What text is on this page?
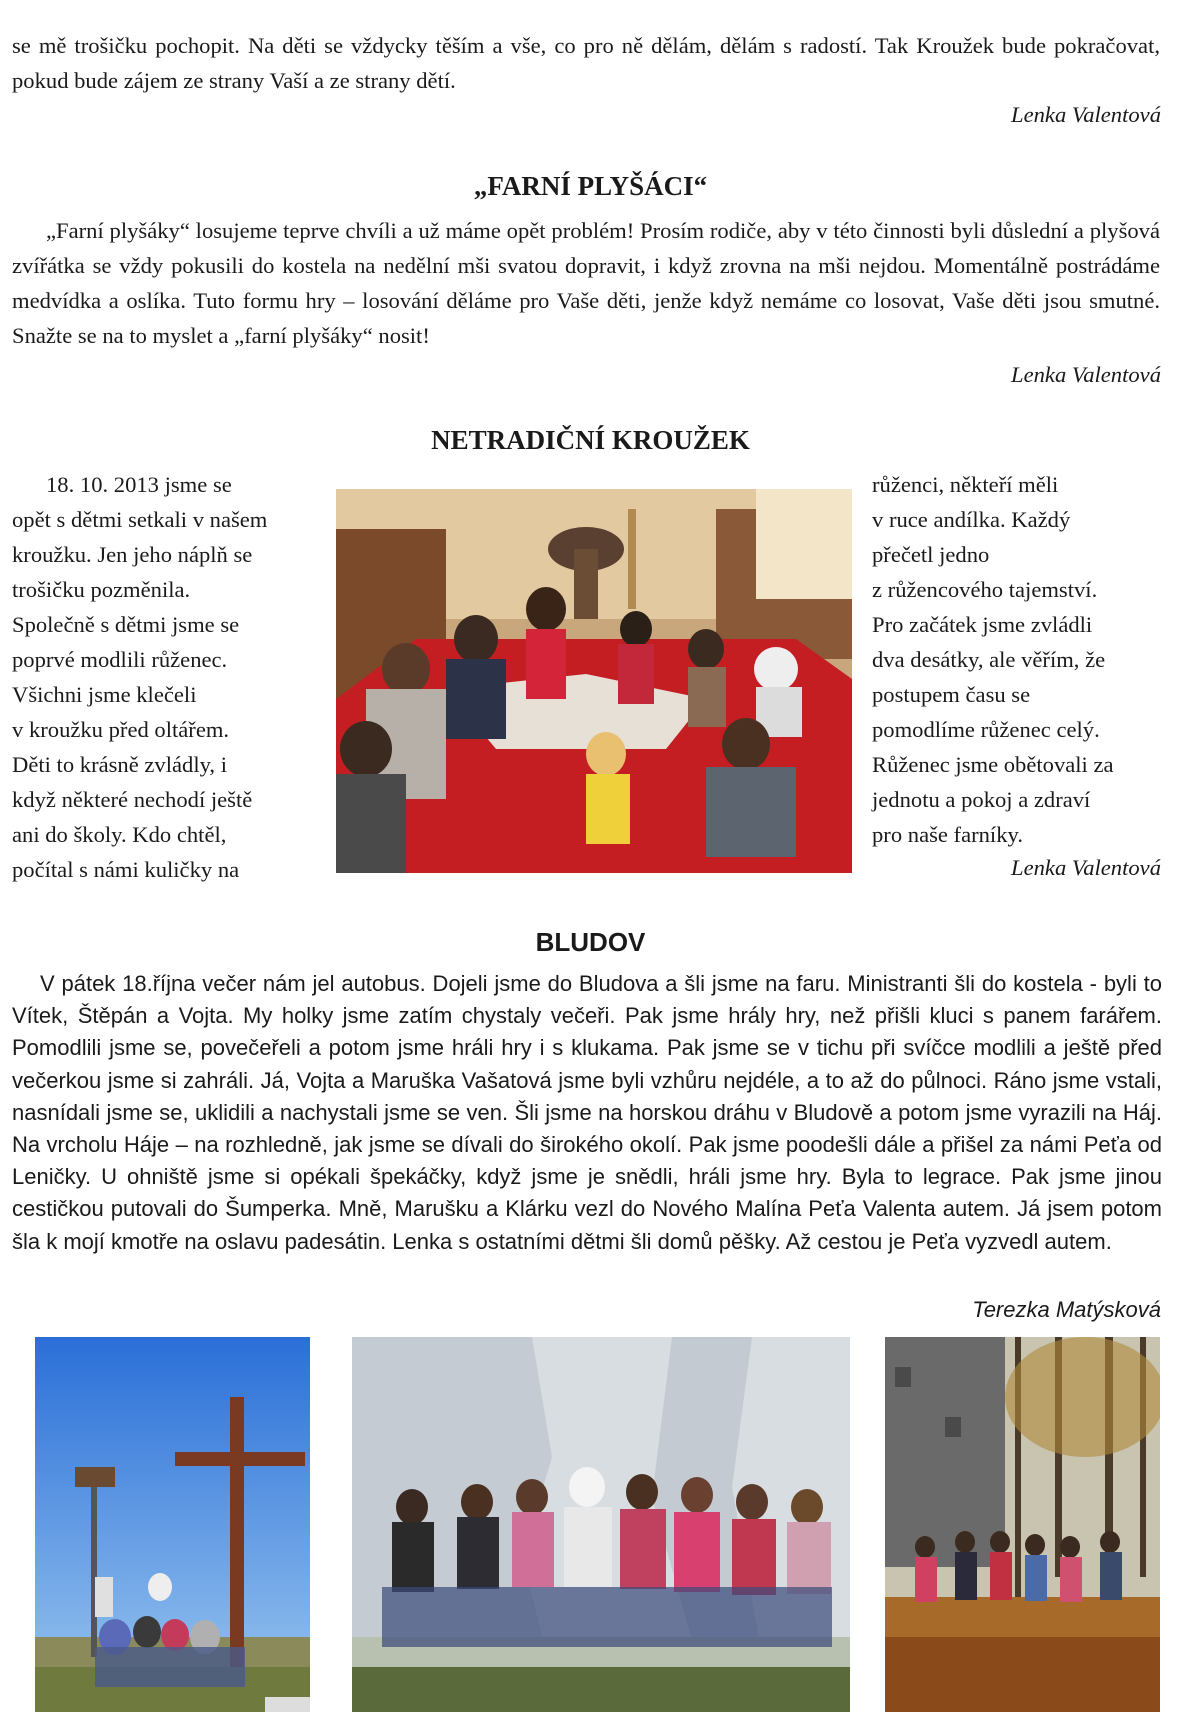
se mě trošičku pochopit. Na děti se vždycky těším a vše, co pro ně dělám, dělám s radostí. Tak Kroužek bude pokračovat, pokud bude zájem ze strany Vaší a ze strany dětí.

Lenka Valentová

„FARNÍ PLYŠÁCI“

„Farní plyšáky“ losujeme teprve chvíli a už máme opět problém! Prosím rodiče, aby v této činnosti byli důslední a plyšová zvířátka se vždy pokusili do kostela na nedělní mši svatou dopravit, i když zrovna na mši nejdou. Momentálně postrádáme medvídka a oslíka. Tuto formu hry – losování děláme pro Vaše děti, jenže když nemáme co losovat, Vaše děti jsou smutné. Snažte se na to myslet a „farní plyšáky“ nosit!

Lenka Valentová

NETRADIČNÍ KROUŽEK
18. 10. 2013 jsme se
opět s dětmi setkali v našem
kroužku. Jen jeho náplň se
trošičku pozměnila.
Společně s dětmi jsme se
poprvé modlili růženec.
Všichni jsme klečeli
v kroužku před oltářem.
Děti to krásně zvládly, i
když některé nechodí ještě
ani do školy. Kdo chtěl,
počítal s námi kuličky na
růženci, někteří měli
v ruce andílka. Každý
přečetl jedno
z růžencového tajemství.
Pro začátek jsme zvládli
dva desátky, ale věřím, že
postupem času se
pomodlíme růženec celý.
Růženec jsme obětovali za
jednotu a pokoj a zdraví
pro naše farníky.

Lenka Valentová

BLUDOV

V pátek 18.října večer nám jel autobus. Dojeli jsme do Bludova a šli jsme na faru. Ministranti šli do kostela - byli to Vítek, Štěpán a Vojta. My holky jsme zatím chystaly večeři. Pak jsme hrály hry, než přišli kluci s panem farářem. Pomodlili jsme se, povečeřeli a potom jsme hráli hry i s klukama. Pak jsme se v tichu při svíčce modlili a ještě před večerkou jsme si zahráli. Já, Vojta a Maruška Vašatová jsme byli vzhůru nejdéle, a to až do půlnoci. Ráno jsme vstali, nasnídali jsme se, uklidili a nachystali jsme se ven. Šli jsme na horskou dráhu v Bludově a potom jsme vyrazili na Háj. Na vrcholu Háje – na rozhledně, jak jsme se dívali do širokého okolí. Pak jsme poodešli dále a přišel za námi Peťa od Leničky. U ohniště jsme si opékali špekáčky, když jsme je snědli, hráli jsme hry. Byla to legrace. Pak jsme jinou cestičkou putovali do Šumperka. Mně, Marušku a Klárku vezl do Nového Malína Peťa Valenta autem. Já jsem potom šla k mojí kmotře na oslavu padesátin. Lenka s ostatními dětmi šli domů pěšky. Až cestou je Peťa vyzvedl autem.

Terezka Matýsková
